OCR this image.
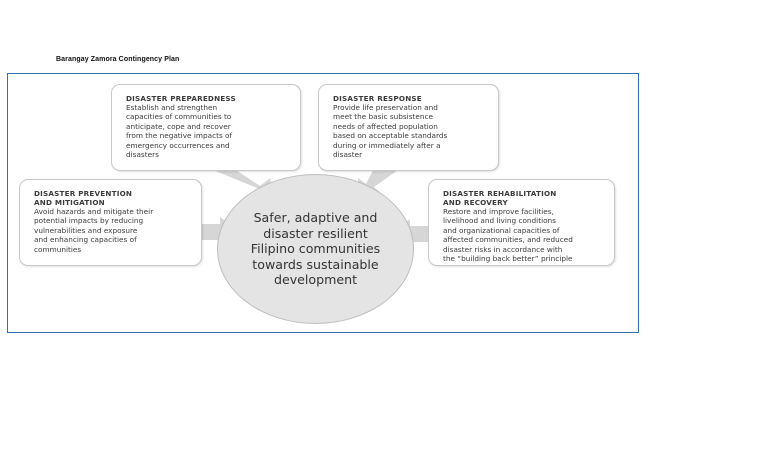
Barangay Zamora Contingency Plan
DISASTER PREPAREDNESS

Establish and strengthen
capacities of communities to
anticipate, cope and recover
from the negative impacts of
emergency occurrences and
disasters

DISASTER RESPONSE

Provide life preservation and
meet the basic subsistence
needs of affected population
based on acceptable standards
during or immediately after a
disaster

DISASTER PREVENTION
AND MITIGATION

Avoid hazards and mitigate their
potential impacts by reducing
vulnerabilities and exposure
and enhancing capacities of
communities

DISASTER REHABILITATION
AND RECOVERY

Restore and improve facilities,
livelihood and living conditions
and organizational capacities of
affected communities, and reduced
disaster risks in accordance with
the “building back better” principle

Safer, adaptive and
disaster resilient
Filipino communities
towards sustainable
development
